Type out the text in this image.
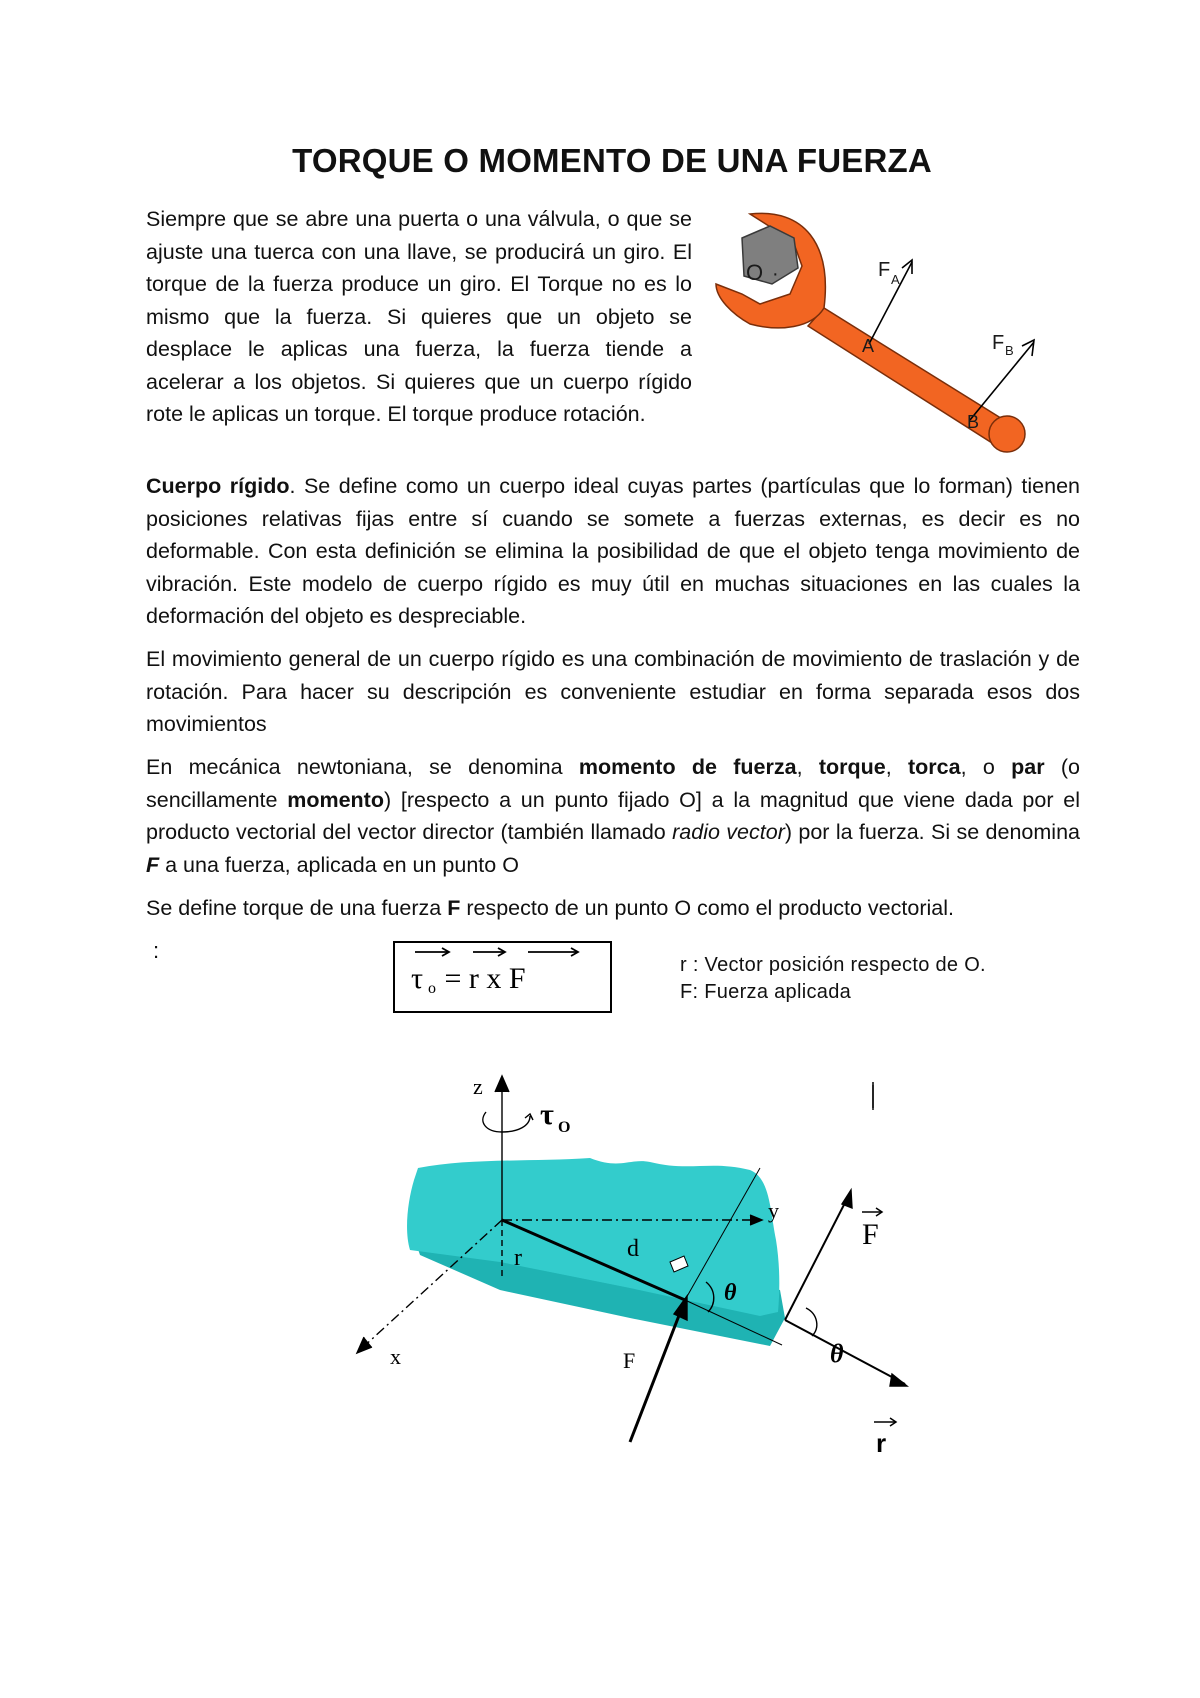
TORQUE O MOMENTO DE UNA FUERZA

Siempre que se abre una puerta o una válvula, o que se ajuste una tuerca con una llave, se producirá un giro. El torque de la fuerza produce un giro. El Torque no es lo mismo que la fuerza. Si quieres que un objeto se desplace le aplicas una fuerza, la fuerza tiende a acelerar a los objetos. Si quieres que un cuerpo rígido rote le aplicas un torque. El torque produce rotación.

O ·
A
B
F A
F B

Cuerpo rígido. Se define como un cuerpo ideal cuyas partes (partículas que lo forman) tienen posiciones relativas fijas entre sí cuando se somete a fuerzas externas, es decir es no deformable. Con esta definición se elimina la posibilidad de que el objeto tenga movimiento de vibración. Este modelo de cuerpo rígido es muy útil en muchas situaciones en las cuales la deformación del objeto es despreciable.

El movimiento general de un cuerpo rígido es una combinación de movimiento de traslación y de rotación. Para hacer su descripción es conveniente estudiar en forma separada esos dos movimientos

En mecánica newtoniana, se denomina momento de fuerza, torque, torca, o par (o sencillamente momento) [respecto a un punto fijado O] a la magnitud que viene dada por el producto vectorial del vector director (también llamado radio vector) por la fuerza. Si se denomina F a una fuerza, aplicada en un punto O

Se define torque de una fuerza F respecto de un punto O como el producto vectorial.

:
τ o = r x F	r : Vector posición respecto de O.
F: Fuerza aplicada
z
y
x
τ O
r	d
θ
F	θ
F
r
